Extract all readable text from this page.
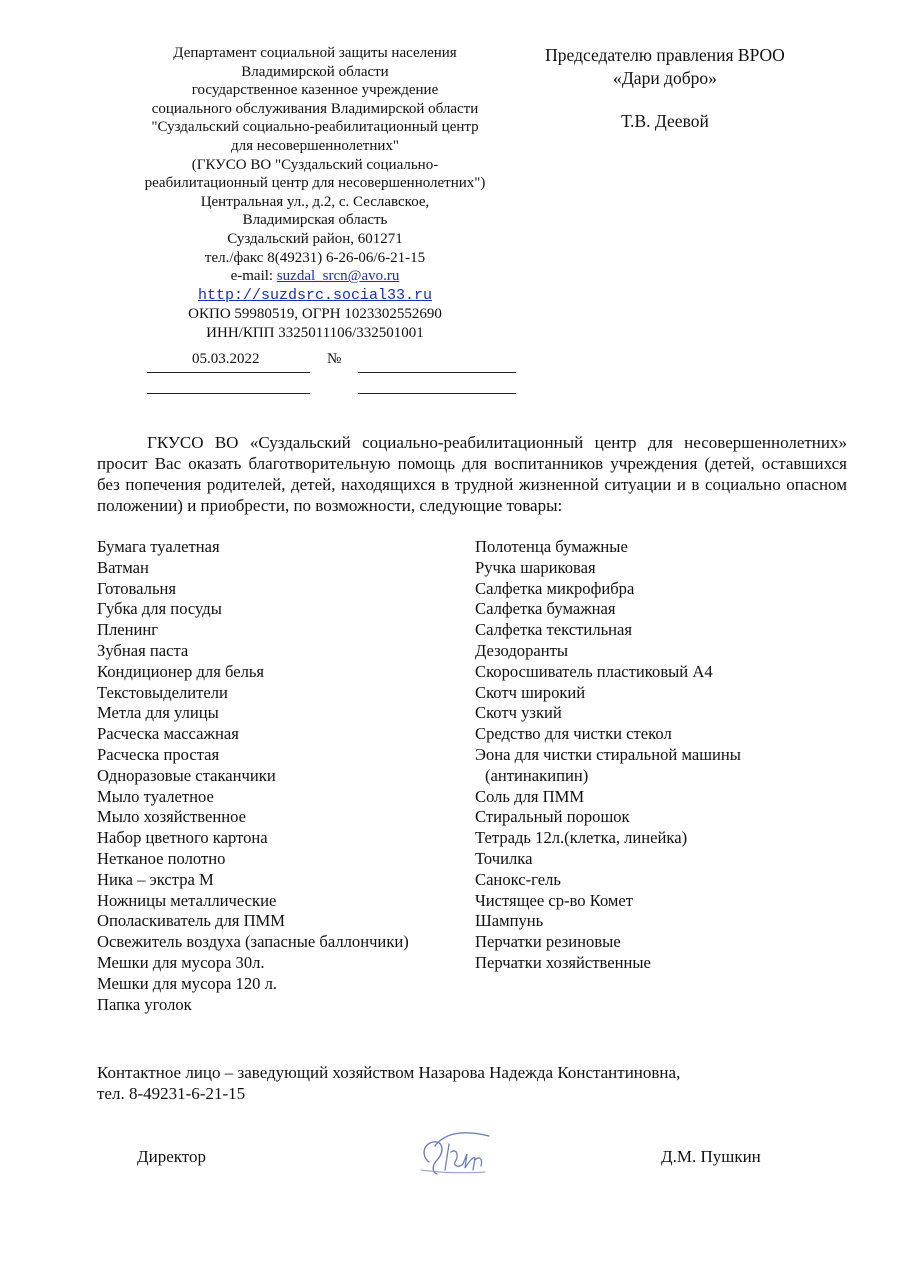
Департамент социальной защиты населения
Владимирской области
государственное казенное учреждение
социального обслуживания Владимирской области
"Суздальский социально-реабилитационный центр
для несовершеннолетних"
(ГКУСО ВО "Суздальский социально-
реабилитационный центр для несовершеннолетних")
Центральная ул., д.2, с. Сеславское,
Владимирская область
Суздальский район, 601271
тел./факс 8(49231) 6-26-06/6-21-15
e-mail: suzdal_srcn@avo.ru
http://suzdsrc.social33.ru
ОКПО 59980519, ОГРН 1023302552690
ИНН/КПП 3325011106/332501001
05.03.2022	№
Председателю правления ВРОО
«Дари добро»
Т.В. Деевой
ГКУСО ВО «Суздальский социально-реабилитационный центр для несовершеннолетних» просит Вас оказать благотворительную помощь для воспитанников учреждения (детей, оставшихся без попечения родителей, детей, находящихся в трудной жизненной ситуации и в социально опасном положении) и приобрести, по возможности, следующие товары:
Бумага туалетная
Ватман
Готовальня
Губка для посуды
Пленинг
Зубная паста
Кондиционер для белья
Текстовыделители
Метла для улицы
Расческа массажная
Расческа простая
Одноразовые стаканчики
Мыло туалетное
Мыло хозяйственное
Набор цветного картона
Нетканое полотно
Ника – экстра М
Ножницы металлические
Ополаскиватель для ПММ
Освежитель воздуха (запасные баллончики)
Мешки для мусора 30л.
Мешки для мусора 120 л.
Папка уголок
Полотенца бумажные
Ручка шариковая
Салфетка микрофибра
Салфетка бумажная
Салфетка текстильная
Дезодоранты
Скоросшиватель пластиковый А4
Скотч широкий
Скотч узкий
Средство для чистки стекол
Эона для чистки стиральной машины
(антинакипин)
Соль для ПММ
Стиральный порошок
Тетрадь 12л.(клетка, линейка)
Точилка
Санокс-гель
Чистящее ср-во Комет
Шампунь
Перчатки резиновые
Перчатки хозяйственные
Контактное лицо – заведующий хозяйством Назарова Надежда Константиновна,
тел. 8-49231-6-21-15
Директор	Д.М. Пушкин
